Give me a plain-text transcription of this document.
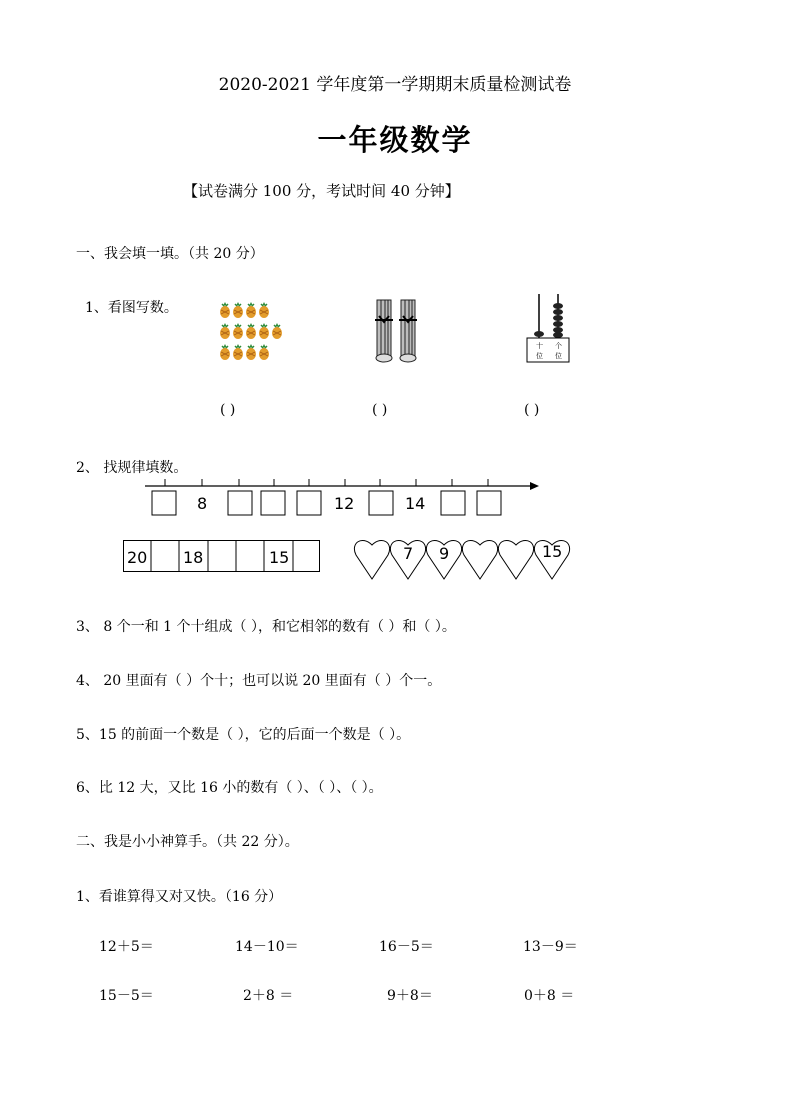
2020-2021 学年度第一学期期末质量检测试卷
一年级数学
【试卷满分 100 分，考试时间 40 分钟】
一、我会填一填。（共 20 分）
1、看图写数。
十
位
个
位
( )	( )	( )
2、 找规律填数。
8	12	14
20 18	15	7 9	15
3、 8 个一和 1 个十组成（ ），和它相邻的数有（ ）和（ ）。
4、 20 里面有（ ）个十；也可以说 20 里面有（ ）个一。
5、15 的前面一个数是（ ），它的后面一个数是（ ）。
6、比 12 大，又比 16 小的数有（ ）、（ ）、（ ）。
二、我是小小神算手。（共 22 分）。
1、看谁算得又对又快。（16 分）
12＋5＝	14－10＝	16－5＝	13－9＝
15－5＝	2＋8 ＝	9＋8＝	0＋8 ＝
